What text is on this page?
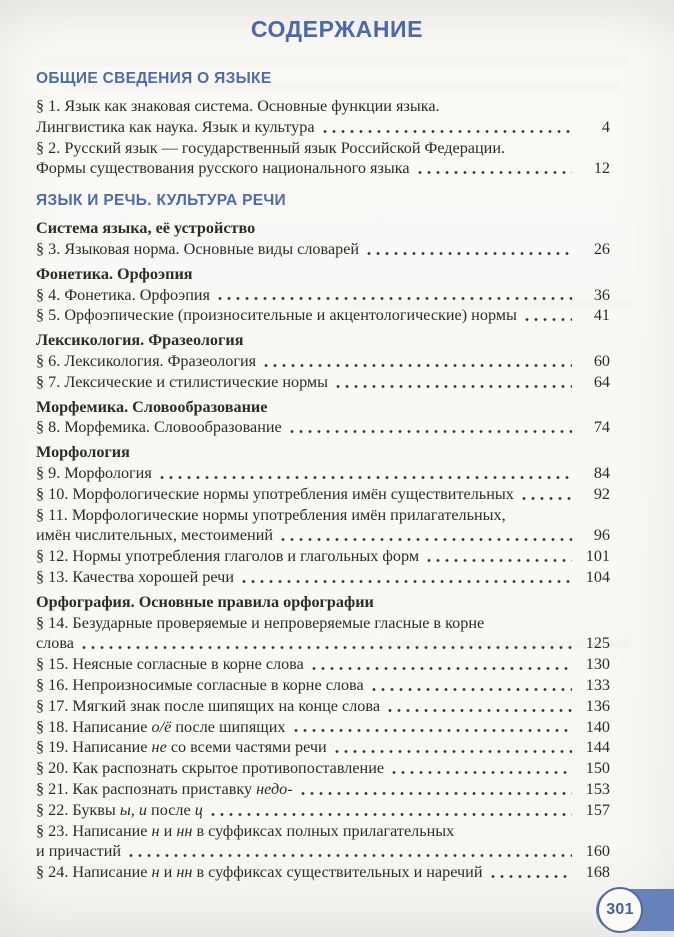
СОДЕРЖАНИЕ
ОБЩИЕ СВЕДЕНИЯ О ЯЗЫКЕ
§ 1. Язык как знаковая система. Основные функции языка.
Лингвистика как наука. Язык и культура	4
§ 2. Русский язык — государственный язык Российской Федерации.
Формы существования русского национального языка	12
ЯЗЫК И РЕЧЬ. КУЛЬТУРА РЕЧИ
Система языка, её устройство
§ 3. Языковая норма. Основные виды словарей	26
Фонетика. Орфоэпия
§ 4. Фонетика. Орфоэпия	36
§ 5. Орфоэпические (произносительные и акцентологические) нормы	41
Лексикология. Фразеология
§ 6. Лексикология. Фразеология	60
§ 7. Лексические и стилистические нормы	64
Морфемика. Словообразование
§ 8. Морфемика. Словообразование	74
Морфология
§ 9. Морфология	84
§ 10. Морфологические нормы употребления имён существительных	92
§ 11. Морфологические нормы употребления имён прилагательных,
имён числительных, местоимений	96
§ 12. Нормы употребления глаголов и глагольных форм	101
§ 13. Качества хорошей речи	104
Орфография. Основные правила орфографии
§ 14. Безударные проверяемые и непроверяемые гласные в корне
слова	125
§ 15. Неясные согласные в корне слова	130
§ 16. Непроизносимые согласные в корне слова	133
§ 17. Мягкий знак после шипящих на конце слова	136
§ 18. Написание о/ё после шипящих	140
§ 19. Написание не со всеми частями речи	144
§ 20. Как распознать скрытое противопоставление	150
§ 21. Как распознать приставку недо-	153
§ 22. Буквы ы, и после ц	157
§ 23. Написание н и нн в суффиксах полных прилагательных
и причастий	160
§ 24. Написание н и нн в суффиксах существительных и наречий	168
301
